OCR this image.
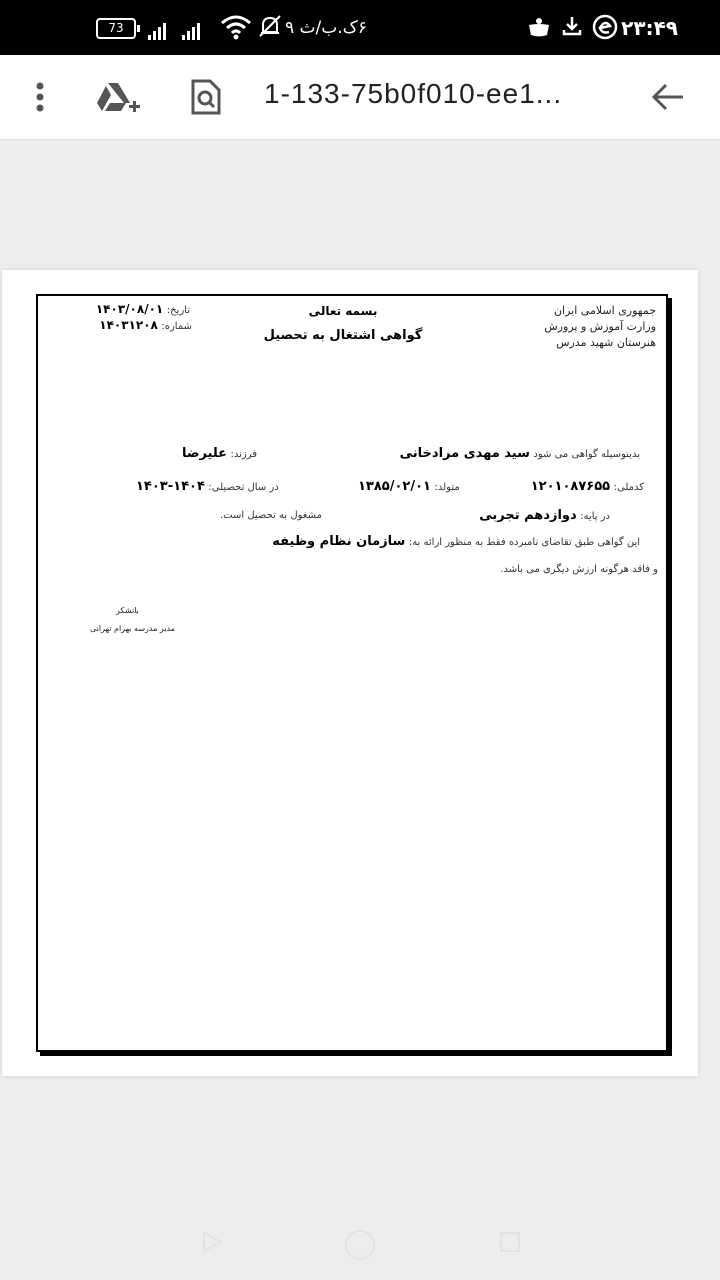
73	۶ک.ب/ث ۹	۲۳:۴۹
1-133-75b0f010-ee1...
جمهوری اسلامی ایران
وزارت آموزش و پرورش
هنرستان شهید مدرس
بسمه تعالی
گواهی اشتغال به تحصیل
تاریخ: ۱۴۰۳/۰۸/۰۱
شماره: ۱۴۰۳۱۲۰۸
بدینوسیله گواهی می شود سید مهدی مرادخانی
فرزند: علیرضا
کدملی: ۱۲۰۱۰۸۷۶۵۵
متولد: ۱۳۸۵/۰۲/۰۱
در سال تحصیلی: ۱۴۰۴-۱۴۰۳
در پایه: دوازدهم تجربی
مشغول به تحصیل است.
این گواهی طبق تقاضای نامبرده فقط به منظور ارائه به: سازمان نظام وظیفه
و فاقد هرگونه ارزش دیگری می باشد.
باتشکر
مدیر مدرسه بهرام تهرانی
